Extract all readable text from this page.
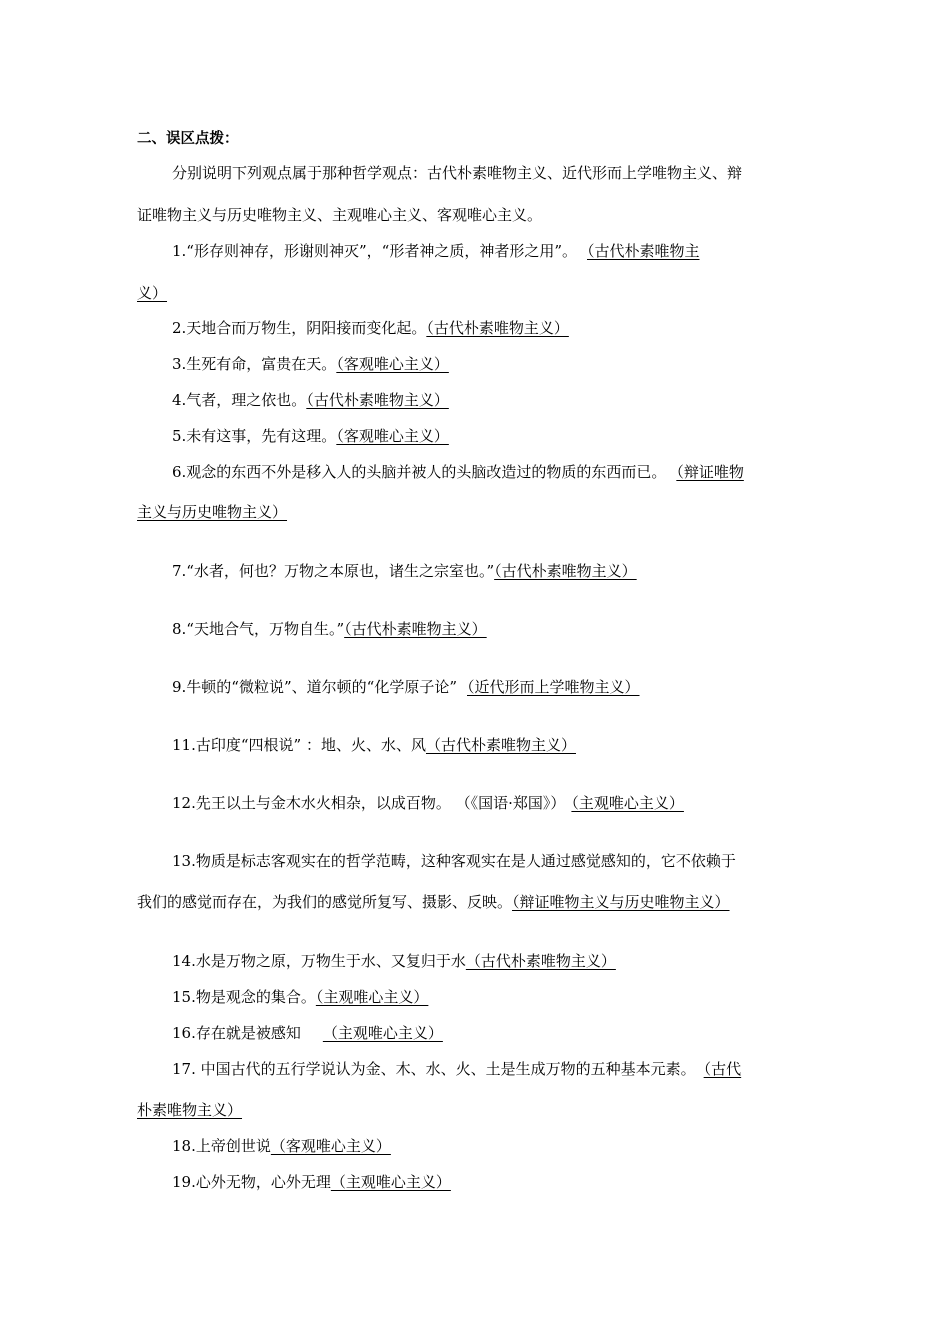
二、误区点拨：
分别说明下列观点属于那种哲学观点：古代朴素唯物主义、近代形而上学唯物主义、辩
证唯物主义与历史唯物主义、主观唯心主义、客观唯心主义。
1.“形存则神存，形谢则神灭”，“形者神之质，神者形之用”。 （古代朴素唯物主
义）
2.天地合而万物生，阴阳接而变化起。（古代朴素唯物主义）
3.生死有命，富贵在天。（客观唯心主义）
4.气者，理之依也。（古代朴素唯物主义）
5.未有这事，先有这理。（客观唯心主义）
6.观念的东西不外是移入人的头脑并被人的头脑改造过的物质的东西而已。 （辩证唯物
主义与历史唯物主义）
7.“水者，何也？万物之本原也，诸生之宗室也。”（古代朴素唯物主义）
8.“天地合气，万物自生。”（古代朴素唯物主义）
9.牛顿的“微粒说”、道尔顿的“化学原子论” （近代形而上学唯物主义）
11.古印度“四根说” ：地、火、水、风（古代朴素唯物主义）
12.先王以土与金木水火相杂，以成百物。 （《国语·郑国》） （主观唯心主义）
13.物质是标志客观实在的哲学范畴，这种客观实在是人通过感觉感知的，它不依赖于
我们的感觉而存在，为我们的感觉所复写、摄影、反映。（辩证唯物主义与历史唯物主义）
14.水是万物之原，万物生于水、又复归于水（古代朴素唯物主义）
15.物是观念的集合。（主观唯心主义）
16.存在就是被感知 （主观唯心主义）
17. 中国古代的五行学说认为金、木、水、火、土是生成万物的五种基本元素。 （古代
朴素唯物主义）
18.上帝创世说（客观唯心主义）
19.心外无物，心外无理（主观唯心主义）
